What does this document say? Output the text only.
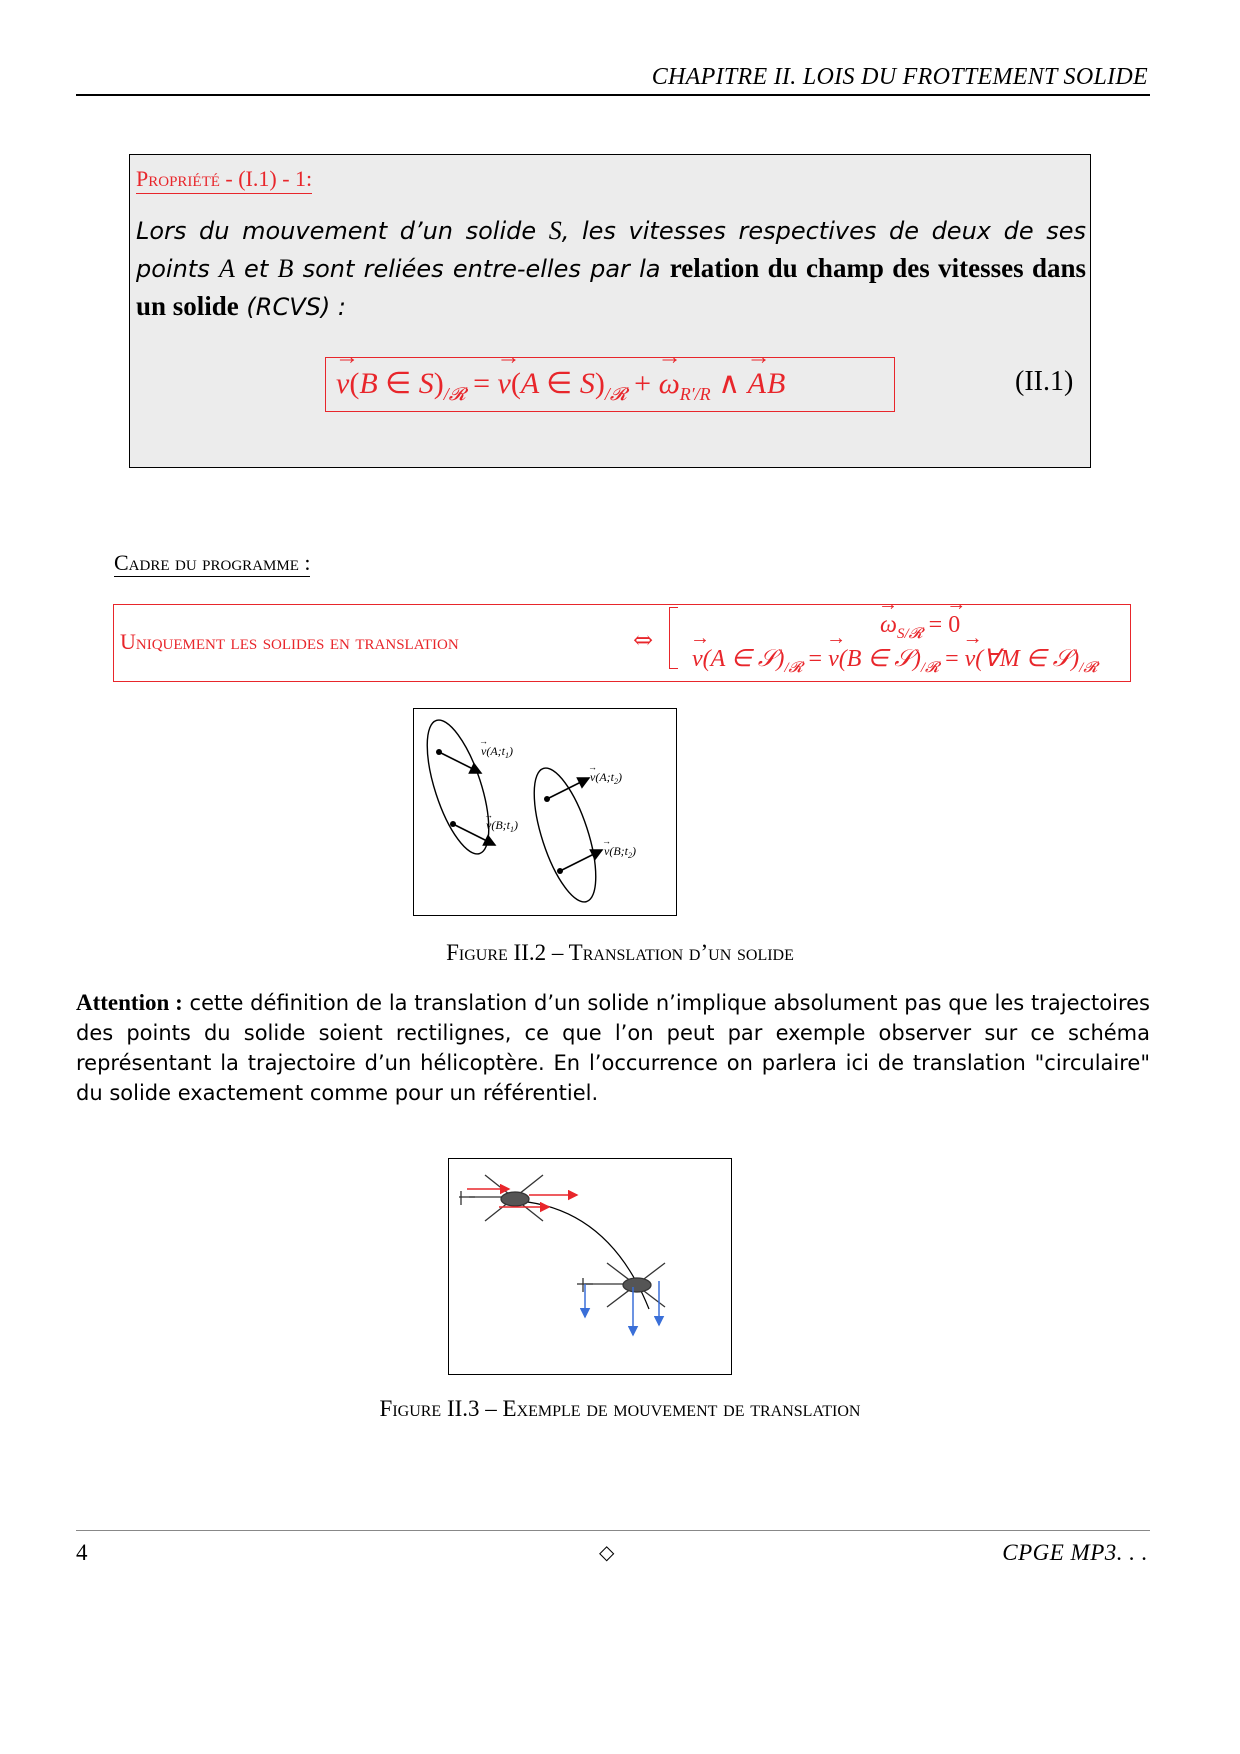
CHAPITRE II. LOIS DU FROTTEMENT SOLIDE
Propriété - (I.1) - 1:
Lors du mouvement d’un solide S, les vitesses respectives de deux de ses points A et B sont reliées entre-elles par la relation du champ des vitesses dans un solide (RCVS) :
→ v(B ∈ $S)_{/𝓡}$ = → v(A ∈ $S)_{/𝓡}$ + → $\omega_{R'/R}$ ∧ → AB	(II.1)
Cadre du programme :
Uniquement les solides en translation	⇔
→ $\omega_{S/𝓡}$ = → 0
→ v(A ∈ $𝒮)_{/𝓡}$ = → v(B ∈ $𝒮)_{/𝓡}$ = → v(∀M ∈ $𝒮)_{/𝓡}$
$v(A;t_1)$
$v(B;t_1)$
$v(A;t_2)$
$v(B;t_2)$
→
→
→
→
Figure II.2 – Translation d’un solide
Attention : cette définition de la translation d’un solide n’implique absolument pas que les trajectoires des points du solide soient rectilignes, ce que l’on peut par exemple observer sur ce schéma représentant la trajectoire d’un hélicoptère. En l’occurrence on parlera ici de translation "circulaire" du solide exactement comme pour un référentiel.
Figure II.3 – Exemple de mouvement de translation
4	◇	CPGE MP3. . .
